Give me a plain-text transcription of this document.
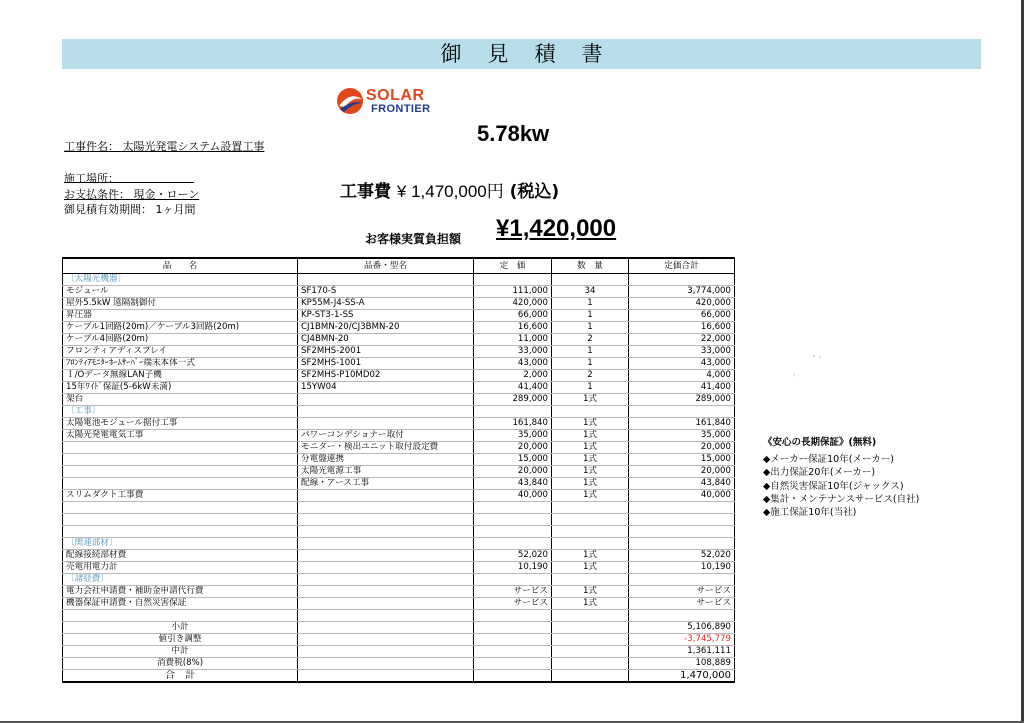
御見積書
SOLAR
FRONTIER
5.78kw
工事件名： 太陽光発電システム設置工事
施工場所：
お支払条件： 現金・ローン
御見積有効期間： 1ヶ月間
工事費 ¥ 1,470,000円 (税込)
お客様実質負担額 ¥1,420,000
品　　名	品番・型名	定　価	数　量	定価合計
〔太陽光機器〕				
モジュール	SF170-S	111,000	34	3,774,000
屋外5.5kW 遠隔制御付	KP55M-J4-SS-A	420,000	1	420,000
昇圧器	KP-ST3-1-SS	66,000	1	66,000
ケーブル1回路(20m)／ケーブル3回路(20m)	CJ1BMN-20/CJ3BMN-20	16,600	1	16,600
ケーブル4回路(20m)	CJ4BMN-20	11,000	2	22,000
フロンティアディスプレイ	SF2MHS-2001	33,000	1	33,000
ﾌﾛﾝﾃｨｱﾓﾆﾀｰﾎｰﾑｻｰﾊﾞｰ端末本体一式	SF2MHS-1001	43,000	1	43,000
Ｉ/Oデータ無線LAN子機	SF2MHS-P10MD02	2,000	2	4,000
15年ﾜｲﾄﾞ保証(5-6kW未満)	15YW04	41,400	1	41,400
架台		289,000	1式	289,000
〔工事〕				
太陽電池モジュール据付工事		161,840	1式	161,840
太陽光発電電気工事	パワーコンデショナー取付	35,000	1式	35,000
	モニター・検出ユニット取付設定費	20,000	1式	20,000
	分電盤連携	15,000	1式	15,000
	太陽光電源工事	20,000	1式	20,000
	配線・アース工事	43,840	1式	43,840
スリムダクト工事費		40,000	1式	40,000

〔関連部材〕				
配線接続部材費		52,020	1式	52,020
売電用電力計		10,190	1式	10,190
〔諸経費〕				
電力会社申請費・補助金申請代行費		サービス	1式	サービス
機器保証申請費・自然災害保証		サービス	1式	サービス

小計				5,106,890
値引き調整				-3,745,779
中計				1,361,111
消費税(8%)				108,889
合　計				1,470,000
《安心の長期保証》(無料)
◆メーカー保証10年(メーカー)
◆出力保証20年(メーカー)
◆自然災害保証10年(ジャックス)
◆集計・メンテナンスサービス(自社)
◆施工保証10年(当社)
